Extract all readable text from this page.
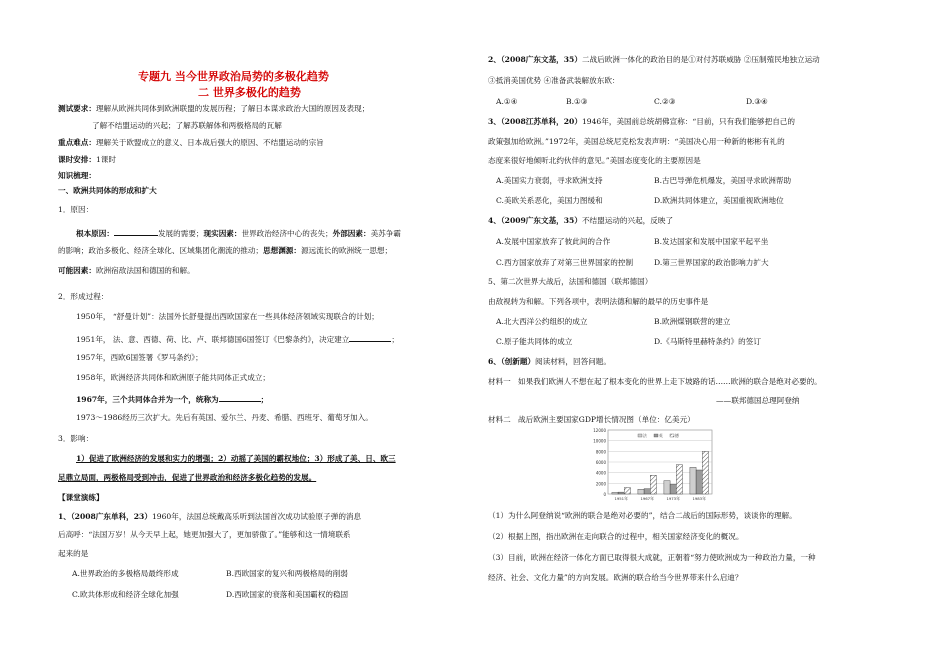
专题九 当今世界政治局势的多极化趋势
二 世界多极化的趋势
测试要求：理解从欧洲共同体到欧洲联盟的发展历程；了解日本谋求政治大国的原因及表现；
了解不结盟运动的兴起；了解苏联解体和两极格局的瓦解
重点难点：理解关于欧盟成立的意义、日本战后强大的原因、不结盟运动的宗旨
课时安排：1课时
知识梳理：
一、欧洲共同体的形成和扩大
1．原因：
根本原因：	发展的需要；现实因素：世界政治经济中心的丧失；外部因素：美苏争霸
的影响；政治多极化、经济全球化、区域集团化潮流的推动；思想渊源：源远流长的欧洲统一思想；
可能因素：欧洲宿敌法国和德国的和解。
2．形成过程：
1950年， “舒曼计划”：法国外长舒曼提出西欧国家在一些具体经济领域实现联合的计划；
1951年， 法、意、西德、荷、比、卢、联邦德国6国签订《巴黎条约》，决定建立	；
1957年，西欧6国签署《罗马条约》；
1958年，欧洲经济共同体和欧洲原子能共同体正式成立；
1967年，三个共同体合并为一个，统称为	；
1973～1986经历三次扩大。先后有英国、爱尔兰、丹麦、希腊、西班牙、葡萄牙加入。
3．影响：
1）促进了欧洲经济的发展和实力的增强；2）动摇了美国的霸权地位；3）形成了美、日、欧三
足鼎立局面，两极格局受到冲击，促进了世界政治和经济多极化趋势的发展。
【课堂演练】
1、（2008广东单科，23）1960年，法国总统戴高乐听到法国首次成功试验原子弹的消息
后高呼：“法国万岁！从今天早上起，她更加强大了，更加骄傲了。”能够和这一情境联系
起来的是
A.世界政治的多极格局最终形成	B.西欧国家的复兴和两极格局的削弱
C.欧共体形成和经济全球化加强	D.西欧国家的衰落和美国霸权的稳固
2、（2008广东文基，35）二战后欧洲一体化的政治目的是①对付苏联威胁 ②压制殖民地独立运动
③抵消美国优势 ④准备武装解放东欧：
A.①④	B.①③	C.②③	D.③④
3、（2008江苏单科，20）1946年，美国前总统胡佛宣称：“目前，只有我们能够把自己的
政策强加给欧洲。”1972年，美国总统尼克松发表声明：“美国决心用一种新的彬彬有礼的
态度来很好地倾听北约伙伴的意见。”美国态度变化的主要原因是
A.美国实力衰弱，寻求欧洲支持	B.古巴导弹危机爆发，美国寻求欧洲帮助
C.美欧关系恶化，美国力图缓和	D.欧洲共同体建立，美国重视欧洲地位
4、（2009广东文基，35）不结盟运动的兴起，反映了
A.发展中国家放弃了彼此间的合作	B.发达国家和发展中国家平起平坐
C.西方国家放弃了对第三世界国家的控制	D.第三世界国家的政治影响力扩大
5、第二次世界大战后，法国和德国（联邦德国）
由敌视转为和解。下列各项中，表明法德和解的最早的历史事件是
A.北大西洋公约组织的成立	B.欧洲煤钢联营的建立
C.原子能共同体的成立	D.《马斯特里赫特条约》的签订
6、（创新题）阅读材料，回答问题。
材料一 如果我们欧洲人不想在起了根本变化的世界上走下坡路的话……欧洲的联合是绝对必要的。
——联邦德国总理阿登纳
材料二 战后欧洲主要国家GDP增长情况图（单位：亿美元）
12000
10000
8000
6000
4000
2000
0
1951年	1967年	1973年	1983年
法	英	德
（1）为什么阿登纳说“欧洲的联合是绝对必要的”，结合二战后的国际形势，谈谈你的理解。
（2）根据上图，指出欧洲在走向联合的过程中，相关国家经济变化的概况。
（3）目前，欧洲在经济一体化方面已取得很大成就，正朝着“努力使欧洲成为一种政治力量，一种
经济、社会、文化力量”的方向发展。欧洲的联合给当今世界带来什么启迪？
